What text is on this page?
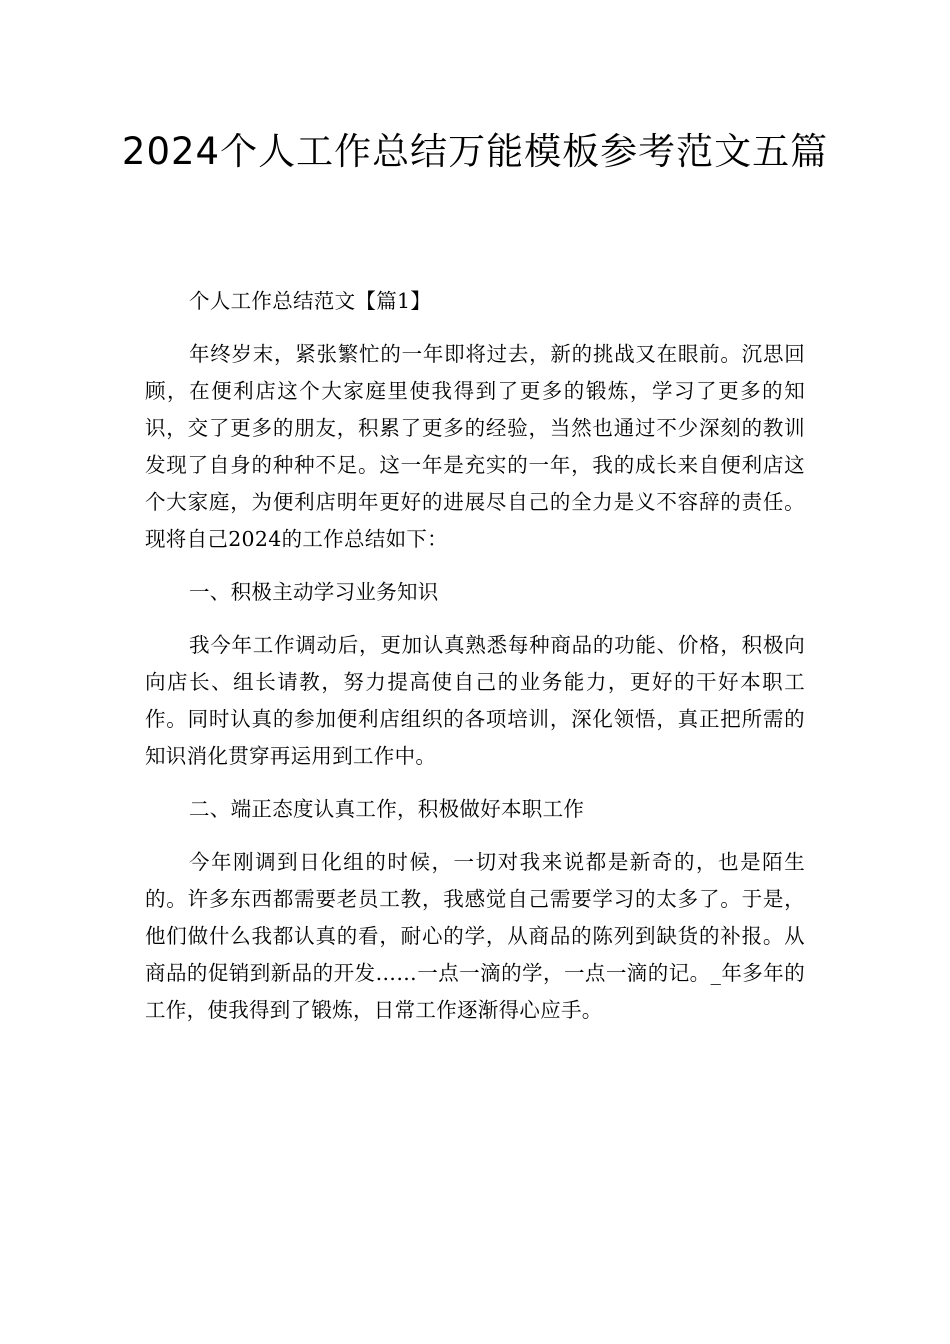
2024个人工作总结万能模板参考范文五篇

个人工作总结范文【篇1】

年终岁末，紧张繁忙的一年即将过去，新的挑战又在眼前。沉思回顾，在便利店这个大家庭里使我得到了更多的锻炼，学习了更多的知识，交了更多的朋友，积累了更多的经验，当然也通过不少深刻的教训发现了自身的种种不足。这一年是充实的一年，我的成长来自便利店这个大家庭，为便利店明年更好的进展尽自己的全力是义不容辞的责任。现将自己2024的工作总结如下：

一、积极主动学习业务知识

我今年工作调动后，更加认真熟悉每种商品的功能、价格，积极向向店长、组长请教，努力提高使自己的业务能力，更好的干好本职工作。同时认真的参加便利店组织的各项培训，深化领悟，真正把所需的知识消化贯穿再运用到工作中。

二、端正态度认真工作，积极做好本职工作

今年刚调到日化组的时候，一切对我来说都是新奇的，也是陌生的。许多东西都需要老员工教，我感觉自己需要学习的太多了。于是，他们做什么我都认真的看，耐心的学，从商品的陈列到缺货的补报。从商品的促销到新品的开发……一点一滴的学，一点一滴的记。_年多年的工作，使我得到了锻炼，日常工作逐渐得心应手。
